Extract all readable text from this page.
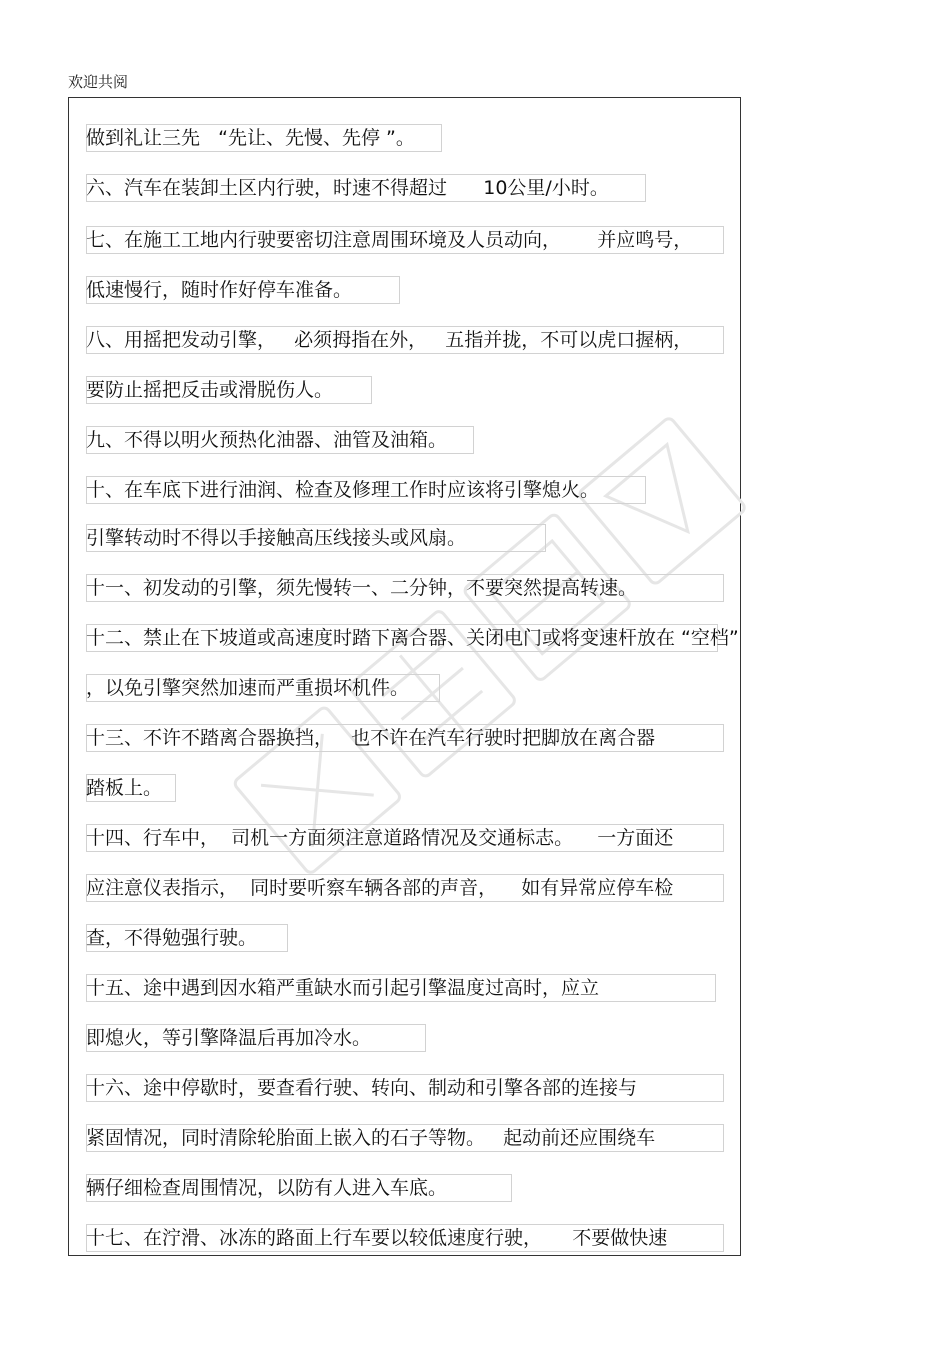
欢迎共阅
做到礼让三先   “先让、先慢、先停 ”。
六、汽车在装卸土区内行驶，时速不得超过      10公里/小时。
七、在施工工地内行驶要密切注意周围环境及人员动向，      并应鸣号，
低速慢行，随时作好停车准备。
八、用摇把发动引擎，   必须拇指在外，   五指并拢，不可以虎口握柄，
要防止摇把反击或滑脱伤人。
九、不得以明火预热化油器、油管及油箱。
十、在车底下进行油润、检查及修理工作时应该将引擎熄火。
引擎转动时不得以手接触高压线接头或风扇。
十一、初发动的引擎，须先慢转一、二分钟，不要突然提高转速。
十二、禁止在下坡道或高速度时踏下离合器、关闭电门或将变速杆放在 “空档”
，以免引擎突然加速而严重损坏机件。
十三、不许不踏离合器换挡，   也不许在汽车行驶时把脚放在离合器
踏板上。
十四、行车中，  司机一方面须注意道路情况及交通标志。    一方面还
应注意仪表指示，  同时要听察车辆各部的声音，    如有异常应停车检
查，不得勉强行驶。
十五、途中遇到因水箱严重缺水而引起引擎温度过高时，应立
即熄火，等引擎降温后再加冷水。
十六、途中停歇时，要查看行驶、转向、制动和引擎各部的连接与
紧固情况，同时清除轮胎面上嵌入的石子等物。   起动前还应围绕车
辆仔细检查周围情况，以防有人进入车底。
十七、在泞滑、冰冻的路面上行车要以较低速度行驶，     不要做快速
